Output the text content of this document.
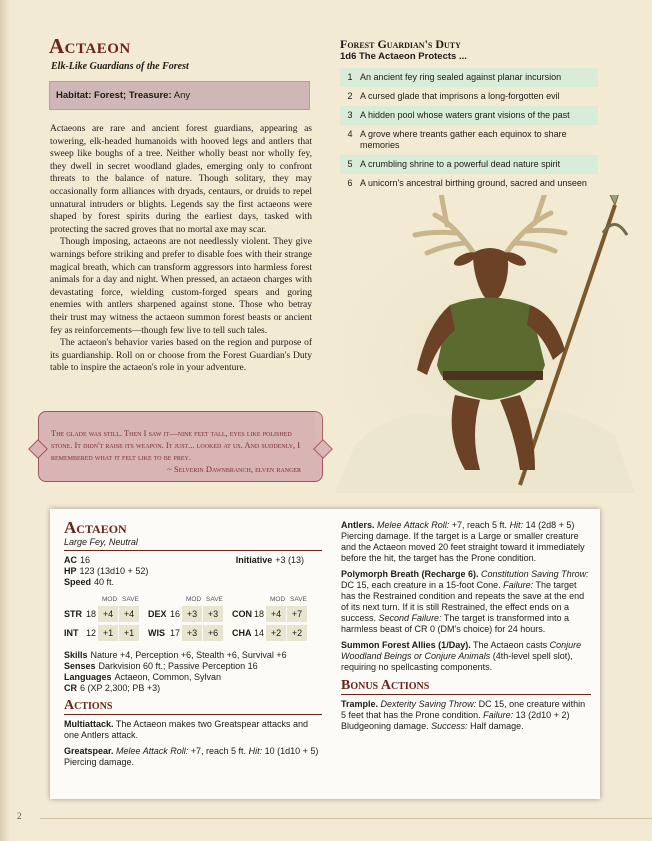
Actaeon
Elk-Like Guardians of the Forest
Habitat: Forest; Treasure: Any

Actaeons are rare and ancient forest guardians, appearing as towering, elk-headed humanoids with hooved legs and antlers that sweep like boughs of a tree. Neither wholly beast nor wholly fey, they dwell in secret woodland glades, emerging only to confront threats to the balance of nature. Though solitary, they may occasionally form alliances with dryads, centaurs, or druids to repel unnatural intruders or blights. Legends say the first actaeons were shaped by forest spirits during the earliest days, tasked with protecting the sacred groves that no mortal axe may scar.

Though imposing, actaeons are not needlessly violent. They give warnings before striking and prefer to disable foes with their strange magical breath, which can transform aggressors into harmless forest animals for a day and night. When pressed, an actaeon charges with devastating force, wielding custom-forged spears and goring enemies with antlers sharpened against stone. Those who betray their trust may witness the actaeon summon forest beasts or ancient fey as reinforcements—though few live to tell such tales.

The actaeon's behavior varies based on the region and purpose of its guardianship. Roll on or choose from the Forest Guardian's Duty table to inspire the actaeon's role in your adventure.

The glade was still. Then I saw it—nine feet tall, eyes like polished stone. It didn't raise its weapon. It just... looked at us. And suddenly, I remembered what it felt like to be prey.
~ Selverin Dawnbranch, elven ranger
Forest Guardian's Duty
1d6 The Actaeon Protects ...
1 An ancient fey ring sealed against planar incursion
2 A cursed glade that imprisons a long-forgotten evil
3 A hidden pool whose waters grant visions of the past
4 A grove where treants gather each equinox to share memories
5 A crumbling shrine to a powerful dead nature spirit
6 A unicorn's ancestral birthing ground, sacred and unseen
Actaeon
Large Fey, Neutral
AC 16	Initiative +3 (13)
HP 123 (13d10 + 52)
Speed 40 ft.
MOD SAVE	MOD SAVE	MOD SAVE
STR 18 +4	+4	DEX 16 +3	+3	CON 18 +4	+7
INT 12 +1	+1	WIS 17 +3	+6	CHA 14 +2	+2
Skills Nature +4, Perception +6, Stealth +6, Survival +6
Senses Darkvision 60 ft.; Passive Perception 16
Languages Actaeon, Common, Sylvan
CR 6 (XP 2,300; PB +3)
Actions
Multiattack. The Actaeon makes two Greatspear attacks and one Antlers attack.
Greatspear. Melee Attack Roll: +7, reach 5 ft. Hit: 10 (1d10 + 5) Piercing damage.
Antlers. Melee Attack Roll: +7, reach 5 ft. Hit: 14 (2d8 + 5) Piercing damage. If the target is a Large or smaller creature and the Actaeon moved 20 feet straight toward it immediately before the hit, the target has the Prone condition.
Polymorph Breath (Recharge 6). Constitution Saving Throw: DC 15, each creature in a 15-foot Cone. Failure: The target has the Restrained condition and repeats the save at the end of its next turn. If it is still Restrained, the effect ends on a success. Second Failure: The target is transformed into a harmless beast of CR 0 (DM's choice) for 24 hours.
Summon Forest Allies (1/Day). The Actaeon casts Conjure Woodland Beings or Conjure Animals (4th-level spell slot), requiring no spellcasting components.
Bonus Actions
Trample. Dexterity Saving Throw: DC 15, one creature within 5 feet that has the Prone condition. Failure: 13 (2d10 + 2) Bludgeoning damage. Success: Half damage.
2
